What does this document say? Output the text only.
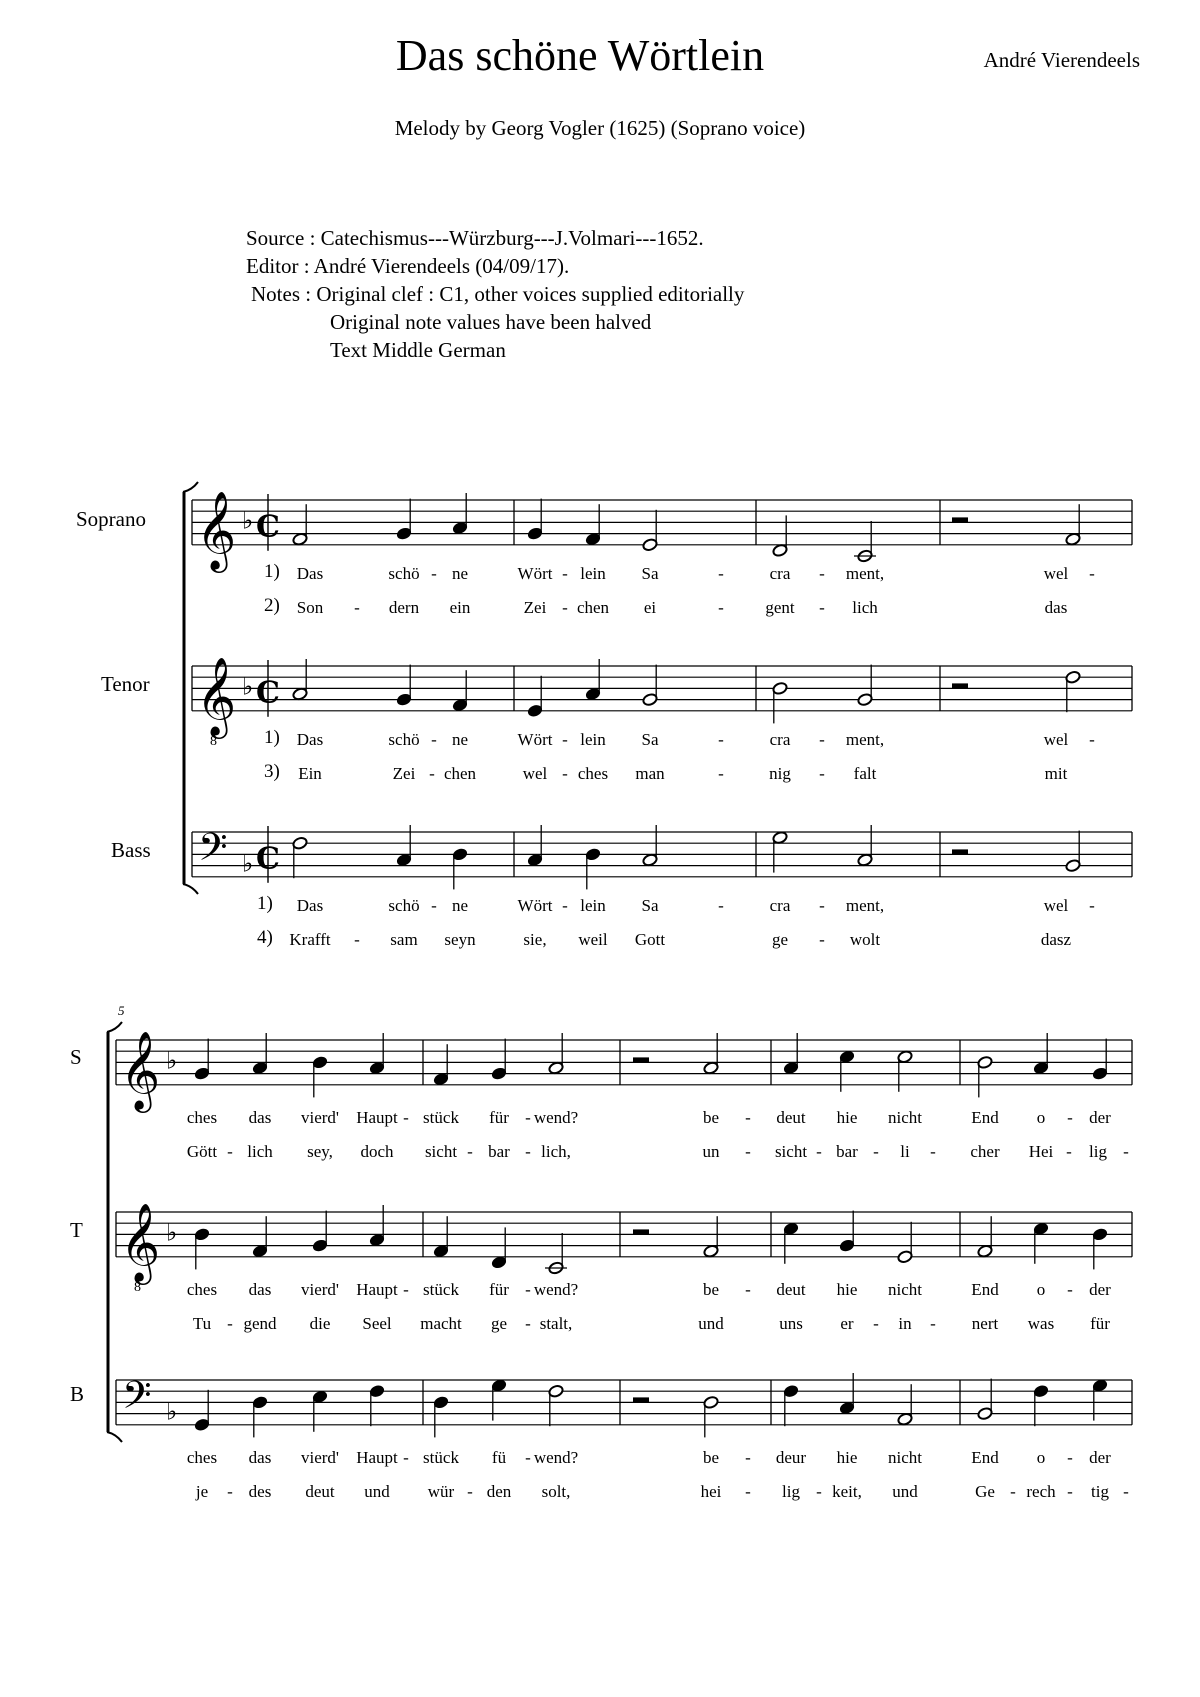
Das schöne Wörtlein	André Vierendeels
Melody by Georg Vogler (1625) (Soprano voice)
Source : Catechismus---Würzburg---J.Volmari---1652.
Editor : André Vierendeels (04/09/17).
Notes : Original clef : C1, other voices supplied editorially
Original note values have been halved
Text Middle German
Soprano
Tenor
Bass
S
T
B
5
1)
2)
1)
3)
1)
4)
Das	schö - ne	Wört - lein Sa	-	cra - ment,	wel -
Son - dern ein	Zei - chen ei	- gent - lich	das
Das	schö - ne	Wört - lein Sa	-	cra - ment,	wel -
Ein	Zei - chen	wel - ches man	-	nig - falt	mit
Das	schö - ne	Wört - lein Sa	-	cra - ment,	wel -
Krafft - sam seyn	sie, weil Gott	ge - wolt	dasz
ches das vierd' Haupt - stück für - wend?	be - deut hie nicht	End o - der
Gött - lich sey, doch sicht - bar - lich,	un - sicht - bar - li - cher Hei - lig -
ches das vierd' Haupt - stück für - wend?	be - deut hie nicht	End o - der
Tu - gend die Seel macht ge - stalt,	und	uns er - in - nert was für
ches das vierd' Haupt - stück fü - wend?	be - deur hie nicht	End o - der
je - des deut und wür - den solt,	hei - lig - keit, und	Ge - rech - tig -
𝄞 ♭ C
𝄞
8
♭ C
𝄢 ♭ C
𝄞 ♭
𝄞
8
♭
𝄢 ♭
